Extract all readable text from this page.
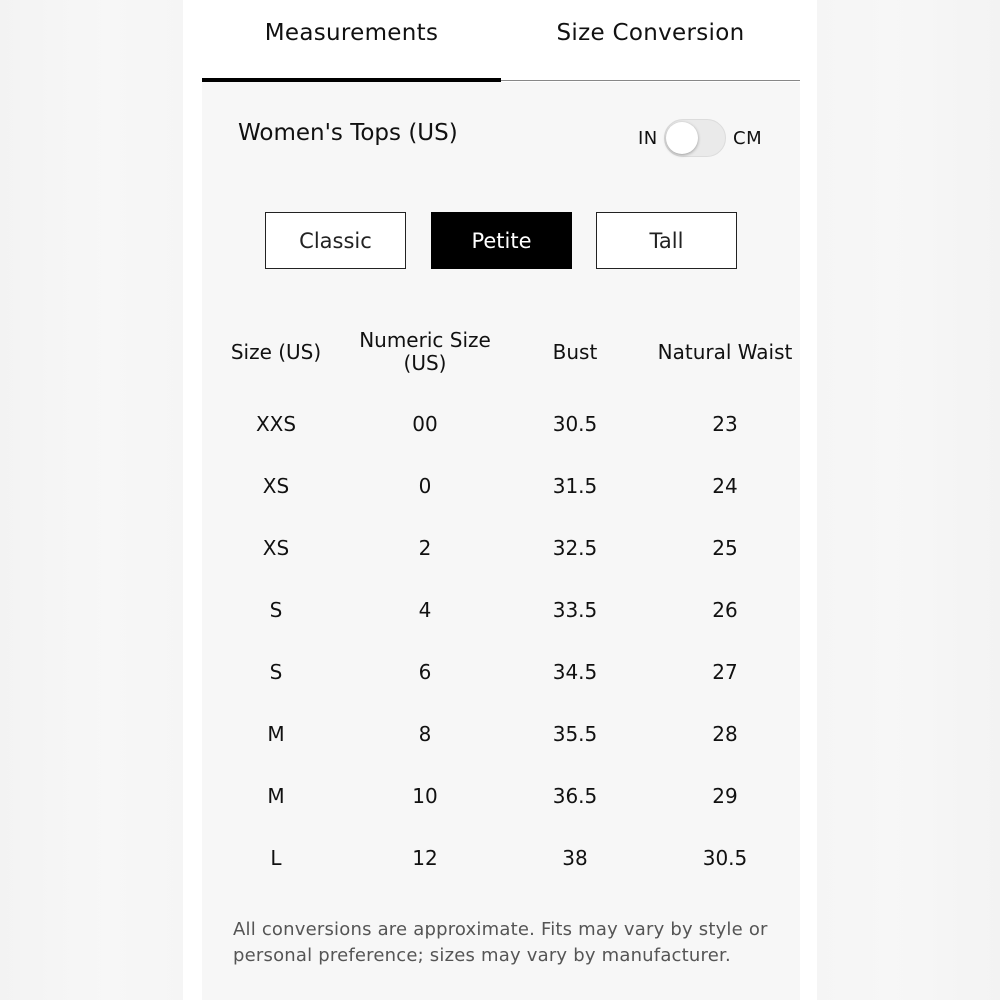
Measurements	Size Conversion
Women's Tops (US)	IN	CM
Classic	Petite	Tall
Size (US)	Numeric Size (US)	Bust	Natural Waist
XXS	00	30.5	23
XS	0	31.5	24
XS	2	32.5	25
S	4	33.5	26
S	6	34.5	27
M	8	35.5	28
M	10	36.5	29
L	12	38	30.5
All conversions are approximate. Fits may vary by style or personal preference; sizes may vary by manufacturer.
